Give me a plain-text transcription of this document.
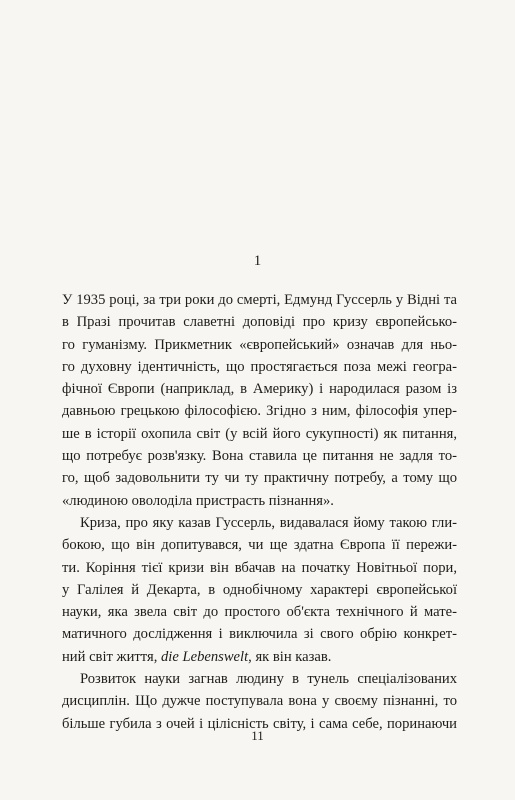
1

У 1935 році, за три роки до смерті, Едмунд Гуссерль у Відні та
в Празі прочитав славетні доповіді про кризу європейсько-
го гуманізму. Прикметник «європейський» означав для ньо-
го духовну ідентичність, що простягається поза межі геогра-
фічної Європи (наприклад, в Америку) і народилася разом із
давньою грецькою філософією. Згідно з ним, філософія упер-
ше в історії охопила світ (у всій його сукупності) як питання,
що потребує розв'язку. Вона ставила це питання не задля то-
го, щоб задовольнити ту чи ту практичну потребу, а тому що
«людиною оволоділа пристрасть пізнання».

Криза, про яку казав Гуссерль, видавалася йому такою гли-
бокою, що він допитувався, чи ще здатна Європа її пережи-
ти. Коріння тієї кризи він вбачав на початку Новітньої пори,
у Галілея й Декарта, в однобічному характері європейської
науки, яка звела світ до простого об'єкта технічного й мате-
матичного дослідження і виключила зі свого обрію конкрет-
ний світ життя, die Lebenswelt, як він казав.

Розвиток науки загнав людину в тунель спеціалізованих
дисциплін. Що дужче поступувала вона у своєму пізнанні, то
більше губила з очей і цілісність світу, і сама себе, поринаючи

11
